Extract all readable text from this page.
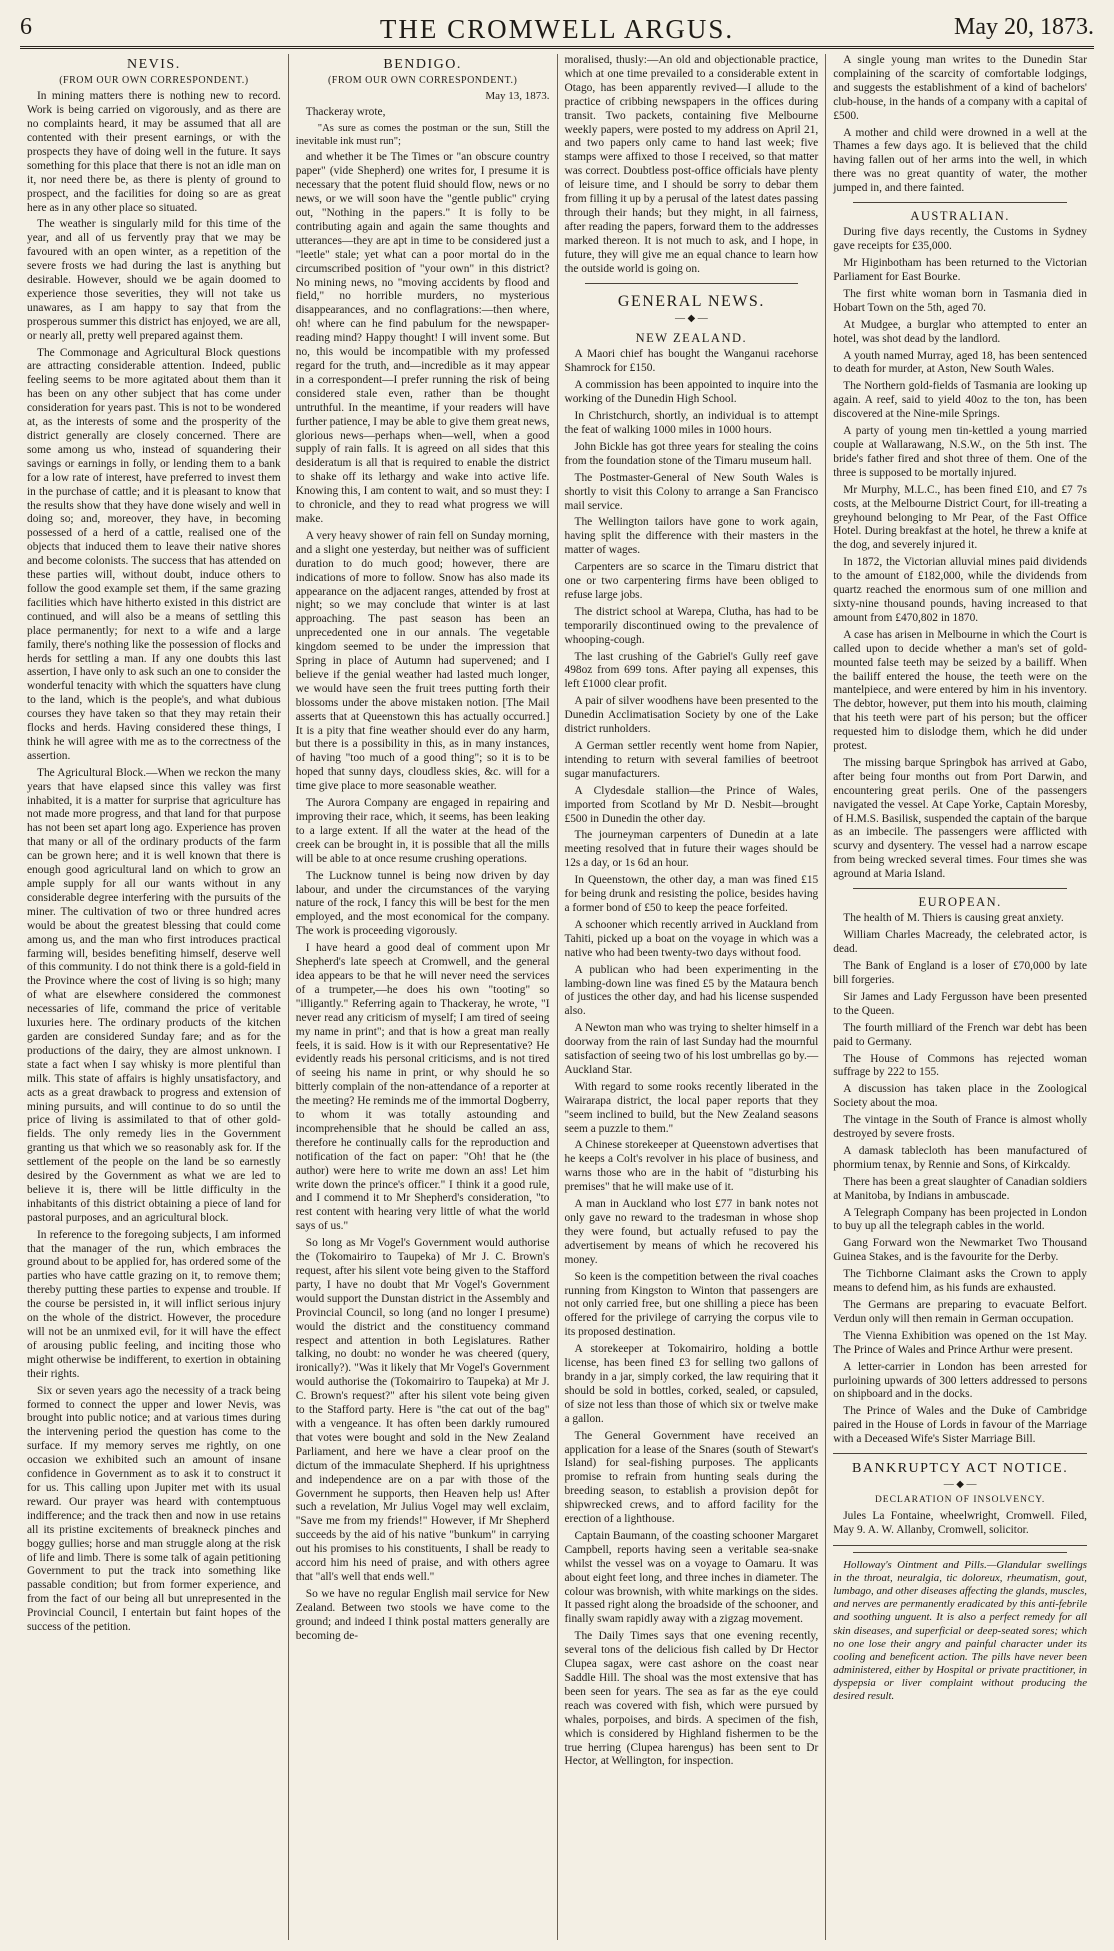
6	THE CROMWELL ARGUS.	May 20, 1873.
NEVIS.
(FROM OUR OWN CORRESPONDENT.)

In mining matters there is nothing new to record. Work is being carried on vigorously, and as there are no complaints heard, it may be assumed that all are contented with their present earnings, or with the prospects they have of doing well in the future. It says something for this place that there is not an idle man on it, nor need there be, as there is plenty of ground to prospect, and the facilities for doing so are as great here as in any other place so situated.

The weather is singularly mild for this time of the year, and all of us fervently pray that we may be favoured with an open winter, as a repetition of the severe frosts we had during the last is anything but desirable. However, should we be again doomed to experience those severities, they will not take us unawares, as I am happy to say that from the prosperous summer this district has enjoyed, we are all, or nearly all, pretty well prepared against them.

The Commonage and Agricultural Block questions are attracting considerable attention. Indeed, public feeling seems to be more agitated about them than it has been on any other subject that has come under consideration for years past. This is not to be wondered at, as the interests of some and the prosperity of the district generally are closely concerned. There are some among us who, instead of squandering their savings or earnings in folly, or lending them to a bank for a low rate of interest, have preferred to invest them in the purchase of cattle; and it is pleasant to know that the results show that they have done wisely and well in doing so; and, moreover, they have, in becoming possessed of a herd of a cattle, realised one of the objects that induced them to leave their native shores and become colonists. The success that has attended on these parties will, without doubt, induce others to follow the good example set them, if the same grazing facilities which have hitherto existed in this district are continued, and will also be a means of settling this place permanently; for next to a wife and a large family, there's nothing like the possession of flocks and herds for settling a man. If any one doubts this last assertion, I have only to ask such an one to consider the wonderful tenacity with which the squatters have clung to the land, which is the people's, and what dubious courses they have taken so that they may retain their flocks and herds. Having considered these things, I think he will agree with me as to the correctness of the assertion.

The Agricultural Block.—When we reckon the many years that have elapsed since this valley was first inhabited, it is a matter for surprise that agriculture has not made more progress, and that land for that purpose has not been set apart long ago. Experience has proven that many or all of the ordinary products of the farm can be grown here; and it is well known that there is enough good agricultural land on which to grow an ample supply for all our wants without in any considerable degree interfering with the pursuits of the miner. The cultivation of two or three hundred acres would be about the greatest blessing that could come among us, and the man who first introduces practical farming will, besides benefiting himself, deserve well of this community. I do not think there is a gold-field in the Province where the cost of living is so high; many of what are elsewhere considered the commonest necessaries of life, command the price of veritable luxuries here. The ordinary products of the kitchen garden are considered Sunday fare; and as for the productions of the dairy, they are almost unknown. I state a fact when I say whisky is more plentiful than milk. This state of affairs is highly unsatisfactory, and acts as a great drawback to progress and extension of mining pursuits, and will continue to do so until the price of living is assimilated to that of other gold-fields. The only remedy lies in the Government granting us that which we so reasonably ask for. If the settlement of the people on the land be so earnestly desired by the Government as what we are led to believe it is, there will be little difficulty in the inhabitants of this district obtaining a piece of land for pastoral purposes, and an agricultural block.

In reference to the foregoing subjects, I am informed that the manager of the run, which embraces the ground about to be applied for, has ordered some of the parties who have cattle grazing on it, to remove them; thereby putting these parties to expense and trouble. If the course be persisted in, it will inflict serious injury on the whole of the district. However, the procedure will not be an unmixed evil, for it will have the effect of arousing public feeling, and inciting those who might otherwise be indifferent, to exertion in obtaining their rights.

Six or seven years ago the necessity of a track being formed to connect the upper and lower Nevis, was brought into public notice; and at various times during the intervening period the question has come to the surface. If my memory serves me rightly, on one occasion we exhibited such an amount of insane confidence in Government as to ask it to construct it for us. This calling upon Jupiter met with its usual reward. Our prayer was heard with contemptuous indifference; and the track then and now in use retains all its pristine excitements of breakneck pinches and boggy gullies; horse and man struggle along at the risk of life and limb. There is some talk of again petitioning Government to put the track into something like passable condition; but from former experience, and from the fact of our being all but unrepresented in the Provincial Council, I entertain but faint hopes of the success of the petition.

BENDIGO.
(FROM OUR OWN CORRESPONDENT.)
May 13, 1873.

Thackeray wrote,

"As sure as comes the postman or the sun, Still the inevitable ink must run";

and whether it be The Times or "an obscure country paper" (vide Shepherd) one writes for, I presume it is necessary that the potent fluid should flow, news or no news, or we will soon have the "gentle public" crying out, "Nothing in the papers." It is folly to be contributing again and again the same thoughts and utterances—they are apt in time to be considered just a "leetle" stale; yet what can a poor mortal do in the circumscribed position of "your own" in this district? No mining news, no "moving accidents by flood and field," no horrible murders, no mysterious disappearances, and no conflagrations:—then where, oh! where can he find pabulum for the newspaper-reading mind? Happy thought! I will invent some. But no, this would be incompatible with my professed regard for the truth, and—incredible as it may appear in a correspondent—I prefer running the risk of being considered stale even, rather than be thought untruthful. In the meantime, if your readers will have further patience, I may be able to give them great news, glorious news—perhaps when—well, when a good supply of rain falls. It is agreed on all sides that this desideratum is all that is required to enable the district to shake off its lethargy and wake into active life. Knowing this, I am content to wait, and so must they: I to chronicle, and they to read what progress we will make.

A very heavy shower of rain fell on Sunday morning, and a slight one yesterday, but neither was of sufficient duration to do much good; however, there are indications of more to follow. Snow has also made its appearance on the adjacent ranges, attended by frost at night; so we may conclude that winter is at last approaching. The past season has been an unprecedented one in our annals. The vegetable kingdom seemed to be under the impression that Spring in place of Autumn had supervened; and I believe if the genial weather had lasted much longer, we would have seen the fruit trees putting forth their blossoms under the above mistaken notion. [The Mail asserts that at Queenstown this has actually occurred.] It is a pity that fine weather should ever do any harm, but there is a possibility in this, as in many instances, of having "too much of a good thing"; so it is to be hoped that sunny days, cloudless skies, &c. will for a time give place to more seasonable weather.

The Aurora Company are engaged in repairing and improving their race, which, it seems, has been leaking to a large extent. If all the water at the head of the creek can be brought in, it is possible that all the mills will be able to at once resume crushing operations.

The Lucknow tunnel is being now driven by day labour, and under the circumstances of the varying nature of the rock, I fancy this will be best for the men employed, and the most economical for the company. The work is proceeding vigorously.

I have heard a good deal of comment upon Mr Shepherd's late speech at Cromwell, and the general idea appears to be that he will never need the services of a trumpeter,—he does his own "tooting" so "illigantly." Referring again to Thackeray, he wrote, "I never read any criticism of myself; I am tired of seeing my name in print"; and that is how a great man really feels, it is said. How is it with our Representative? He evidently reads his personal criticisms, and is not tired of seeing his name in print, or why should he so bitterly complain of the non-attendance of a reporter at the meeting? He reminds me of the immortal Dogberry, to whom it was totally astounding and incomprehensible that he should be called an ass, therefore he continually calls for the reproduction and notification of the fact on paper: "Oh! that he (the author) were here to write me down an ass! Let him write down the prince's officer." I think it a good rule, and I commend it to Mr Shepherd's consideration, "to rest content with hearing very little of what the world says of us."

So long as Mr Vogel's Government would authorise the (Tokomairiro to Taupeka) of Mr J. C. Brown's request, after his silent vote being given to the Stafford party, I have no doubt that Mr Vogel's Government would support the Dunstan district in the Assembly and Provincial Council, so long (and no longer I presume) would the district and the constituency command respect and attention in both Legislatures. Rather talking, no doubt: no wonder he was cheered (query, ironically?). "Was it likely that Mr Vogel's Government would authorise the (Tokomairiro to Taupeka) at Mr J. C. Brown's request?" after his silent vote being given to the Stafford party. Here is "the cat out of the bag" with a vengeance. It has often been darkly rumoured that votes were bought and sold in the New Zealand Parliament, and here we have a clear proof on the dictum of the immaculate Shepherd. If his uprightness and independence are on a par with those of the Government he supports, then Heaven help us! After such a revelation, Mr Julius Vogel may well exclaim, "Save me from my friends!" However, if Mr Shepherd succeeds by the aid of his native "bunkum" in carrying out his promises to his constituents, I shall be ready to accord him his need of praise, and with others agree that "all's well that ends well."

So we have no regular English mail service for New Zealand. Between two stools we have come to the ground; and indeed I think postal matters generally are becoming de-

moralised, thusly:—An old and objectionable practice, which at one time prevailed to a considerable extent in Otago, has been apparently revived—I allude to the practice of cribbing newspapers in the offices during transit. Two packets, containing five Melbourne weekly papers, were posted to my address on April 21, and two papers only came to hand last week; five stamps were affixed to those I received, so that matter was correct. Doubtless post-office officials have plenty of leisure time, and I should be sorry to debar them from filling it up by a perusal of the latest dates passing through their hands; but they might, in all fairness, after reading the papers, forward them to the addresses marked thereon. It is not much to ask, and I hope, in future, they will give me an equal chance to learn how the outside world is going on.

GENERAL NEWS.
— ◆ —
NEW ZEALAND.

A Maori chief has bought the Wanganui racehorse Shamrock for £150.

A commission has been appointed to inquire into the working of the Dunedin High School.

In Christchurch, shortly, an individual is to attempt the feat of walking 1000 miles in 1000 hours.

John Bickle has got three years for stealing the coins from the foundation stone of the Timaru museum hall.

The Postmaster-General of New South Wales is shortly to visit this Colony to arrange a San Francisco mail service.

The Wellington tailors have gone to work again, having split the difference with their masters in the matter of wages.

Carpenters are so scarce in the Timaru district that one or two carpentering firms have been obliged to refuse large jobs.

The district school at Warepa, Clutha, has had to be temporarily discontinued owing to the prevalence of whooping-cough.

The last crushing of the Gabriel's Gully reef gave 498oz from 699 tons. After paying all expenses, this left £1000 clear profit.

A pair of silver woodhens have been presented to the Dunedin Acclimatisation Society by one of the Lake district runholders.

A German settler recently went home from Napier, intending to return with several families of beetroot sugar manufacturers.

A Clydesdale stallion—the Prince of Wales, imported from Scotland by Mr D. Nesbit—brought £500 in Dunedin the other day.

The journeyman carpenters of Dunedin at a late meeting resolved that in future their wages should be 12s a day, or 1s 6d an hour.

In Queenstown, the other day, a man was fined £15 for being drunk and resisting the police, besides having a former bond of £50 to keep the peace forfeited.

A schooner which recently arrived in Auckland from Tahiti, picked up a boat on the voyage in which was a native who had been twenty-two days without food.

A publican who had been experimenting in the lambing-down line was fined £5 by the Mataura bench of justices the other day, and had his license suspended also.

A Newton man who was trying to shelter himself in a doorway from the rain of last Sunday had the mournful satisfaction of seeing two of his lost umbrellas go by.—Auckland Star.

With regard to some rooks recently liberated in the Wairarapa district, the local paper reports that they "seem inclined to build, but the New Zealand seasons seem a puzzle to them."

A Chinese storekeeper at Queenstown advertises that he keeps a Colt's revolver in his place of business, and warns those who are in the habit of "disturbing his premises" that he will make use of it.

A man in Auckland who lost £77 in bank notes not only gave no reward to the tradesman in whose shop they were found, but actually refused to pay the advertisement by means of which he recovered his money.

So keen is the competition between the rival coaches running from Kingston to Winton that passengers are not only carried free, but one shilling a piece has been offered for the privilege of carrying the corpus vile to its proposed destination.

A storekeeper at Tokomairiro, holding a bottle license, has been fined £3 for selling two gallons of brandy in a jar, simply corked, the law requiring that it should be sold in bottles, corked, sealed, or capsuled, of size not less than those of which six or twelve make a gallon.

The General Government have received an application for a lease of the Snares (south of Stewart's Island) for seal-fishing purposes. The applicants promise to refrain from hunting seals during the breeding season, to establish a provision depôt for shipwrecked crews, and to afford facility for the erection of a lighthouse.

Captain Baumann, of the coasting schooner Margaret Campbell, reports having seen a veritable sea-snake whilst the vessel was on a voyage to Oamaru. It was about eight feet long, and three inches in diameter. The colour was brownish, with white markings on the sides. It passed right along the broadside of the schooner, and finally swam rapidly away with a zigzag movement.

The Daily Times says that one evening recently, several tons of the delicious fish called by Dr Hector Clupea sagax, were cast ashore on the coast near Saddle Hill. The shoal was the most extensive that has been seen for years. The sea as far as the eye could reach was covered with fish, which were pursued by whales, porpoises, and birds. A specimen of the fish, which is considered by Highland fishermen to be the true herring (Clupea harengus) has been sent to Dr Hector, at Wellington, for inspection.

A single young man writes to the Dunedin Star complaining of the scarcity of comfortable lodgings, and suggests the establishment of a kind of bachelors' club-house, in the hands of a company with a capital of £500.

A mother and child were drowned in a well at the Thames a few days ago. It is believed that the child having fallen out of her arms into the well, in which there was no great quantity of water, the mother jumped in, and there fainted.

AUSTRALIAN.

During five days recently, the Customs in Sydney gave receipts for £35,000.

Mr Higinbotham has been returned to the Victorian Parliament for East Bourke.

The first white woman born in Tasmania died in Hobart Town on the 5th, aged 70.

At Mudgee, a burglar who attempted to enter an hotel, was shot dead by the landlord.

A youth named Murray, aged 18, has been sentenced to death for murder, at Aston, New South Wales.

The Northern gold-fields of Tasmania are looking up again. A reef, said to yield 40oz to the ton, has been discovered at the Nine-mile Springs.

A party of young men tin-kettled a young married couple at Wallarawang, N.S.W., on the 5th inst. The bride's father fired and shot three of them. One of the three is supposed to be mortally injured.

Mr Murphy, M.L.C., has been fined £10, and £7 7s costs, at the Melbourne District Court, for ill-treating a greyhound belonging to Mr Pear, of the Fast Office Hotel. During breakfast at the hotel, he threw a knife at the dog, and severely injured it.

In 1872, the Victorian alluvial mines paid dividends to the amount of £182,000, while the dividends from quartz reached the enormous sum of one million and sixty-nine thousand pounds, having increased to that amount from £470,802 in 1870.

A case has arisen in Melbourne in which the Court is called upon to decide whether a man's set of gold-mounted false teeth may be seized by a bailiff. When the bailiff entered the house, the teeth were on the mantelpiece, and were entered by him in his inventory. The debtor, however, put them into his mouth, claiming that his teeth were part of his person; but the officer requested him to dislodge them, which he did under protest.

The missing barque Springbok has arrived at Gabo, after being four months out from Port Darwin, and encountering great perils. One of the passengers navigated the vessel. At Cape Yorke, Captain Moresby, of H.M.S. Basilisk, suspended the captain of the barque as an imbecile. The passengers were afflicted with scurvy and dysentery. The vessel had a narrow escape from being wrecked several times. Four times she was aground at Maria Island.

EUROPEAN.

The health of M. Thiers is causing great anxiety.

William Charles Macready, the celebrated actor, is dead.

The Bank of England is a loser of £70,000 by late bill forgeries.

Sir James and Lady Fergusson have been presented to the Queen.

The fourth milliard of the French war debt has been paid to Germany.

The House of Commons has rejected woman suffrage by 222 to 155.

A discussion has taken place in the Zoological Society about the moa.

The vintage in the South of France is almost wholly destroyed by severe frosts.

A damask tablecloth has been manufactured of phormium tenax, by Rennie and Sons, of Kirkcaldy.

There has been a great slaughter of Canadian soldiers at Manitoba, by Indians in ambuscade.

A Telegraph Company has been projected in London to buy up all the telegraph cables in the world.

Gang Forward won the Newmarket Two Thousand Guinea Stakes, and is the favourite for the Derby.

The Tichborne Claimant asks the Crown to apply means to defend him, as his funds are exhausted.

The Germans are preparing to evacuate Belfort. Verdun only will then remain in German occupation.

The Vienna Exhibition was opened on the 1st May. The Prince of Wales and Prince Arthur were present.

A letter-carrier in London has been arrested for purloining upwards of 300 letters addressed to persons on shipboard and in the docks.

The Prince of Wales and the Duke of Cambridge paired in the House of Lords in favour of the Marriage with a Deceased Wife's Sister Marriage Bill.

BANKRUPTCY ACT NOTICE.
— ◆ —
DECLARATION OF INSOLVENCY.

Jules La Fontaine, wheelwright, Cromwell. Filed, May 9. A. W. Allanby, Cromwell, solicitor.

Holloway's Ointment and Pills.—Glandular swellings in the throat, neuralgia, tic doloreux, rheumatism, gout, lumbago, and other diseases affecting the glands, muscles, and nerves are permanently eradicated by this anti-febrile and soothing unguent. It is also a perfect remedy for all skin diseases, and superficial or deep-seated sores; which no one lose their angry and painful character under its cooling and beneficent action. The pills have never been administered, either by Hospital or private practitioner, in dyspepsia or liver complaint without producing the desired result.
